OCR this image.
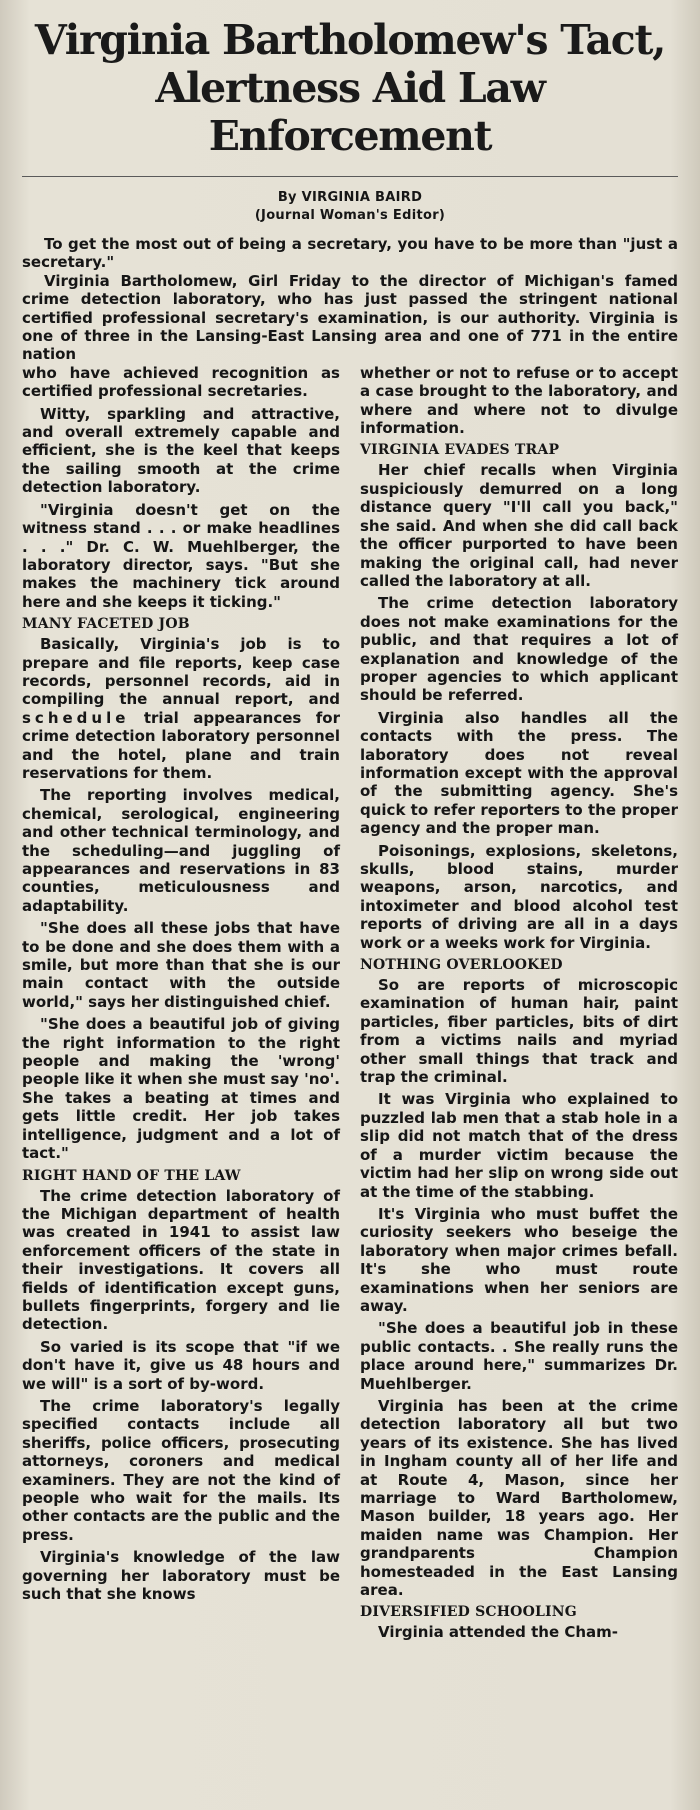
Virginia Bartholomew's Tact,
Alertness Aid Law Enforcement
By VIRGINIA BAIRD
(Journal Woman's Editor)

To get the most out of being a secretary, you have to be more than "just a secretary."

Virginia Bartholomew, Girl Friday to the director of Michigan's famed crime detection laboratory, who has just passed the stringent national certified professional secretary's examination, is our authority. Virginia is one of three in the Lansing-East Lansing area and one of 771 in the entire nation

who have achieved recognition as certified professional secretaries.

Witty, sparkling and attractive, and overall extremely capable and efficient, she is the keel that keeps the sailing smooth at the crime detection laboratory.

"Virginia doesn't get on the witness stand . . . or make headlines . . ." Dr. C. W. Muehlberger, the laboratory director, says. "But she makes the machinery tick around here and she keeps it ticking."

MANY FACETED JOB

Basically, Virginia's job is to prepare and file reports, keep case records, personnel records, aid in compiling the annual report, and schedule trial appearances for crime detection laboratory personnel and the hotel, plane and train reservations for them.

The reporting involves medical, chemical, serological, engineering and other technical terminology, and the scheduling—and juggling of appearances and reservations in 83 counties, meticulousness and adaptability.

"She does all these jobs that have to be done and she does them with a smile, but more than that she is our main contact with the outside world," says her distinguished chief.

"She does a beautiful job of giving the right information to the right people and making the 'wrong' people like it when she must say 'no'. She takes a beating at times and gets little credit. Her job takes intelligence, judgment and a lot of tact."

RIGHT HAND OF THE LAW

The crime detection laboratory of the Michigan department of health was created in 1941 to assist law enforcement officers of the state in their investigations. It covers all fields of identification except guns, bullets fingerprints, forgery and lie detection.

So varied is its scope that "if we don't have it, give us 48 hours and we will" is a sort of by-word.

The crime laboratory's legally specified contacts include all sheriffs, police officers, prosecuting attorneys, coroners and medical examiners. They are not the kind of people who wait for the mails. Its other contacts are the public and the press.

Virginia's knowledge of the law governing her laboratory must be such that she knows

whether or not to refuse or to accept a case brought to the laboratory, and where and where not to divulge information.

VIRGINIA EVADES TRAP

Her chief recalls when Virginia suspiciously demurred on a long distance query "I'll call you back," she said. And when she did call back the officer purported to have been making the original call, had never called the laboratory at all.

The crime detection laboratory does not make examinations for the public, and that requires a lot of explanation and knowledge of the proper agencies to which applicant should be referred.

Virginia also handles all the contacts with the press. The laboratory does not reveal information except with the approval of the submitting agency. She's quick to refer reporters to the proper agency and the proper man.

Poisonings, explosions, skeletons, skulls, blood stains, murder weapons, arson, narcotics, and intoximeter and blood alcohol test reports of driving are all in a days work or a weeks work for Virginia.

NOTHING OVERLOOKED

So are reports of microscopic examination of human hair, paint particles, fiber particles, bits of dirt from a victims nails and myriad other small things that track and trap the criminal.

It was Virginia who explained to puzzled lab men that a stab hole in a slip did not match that of the dress of a murder victim because the victim had her slip on wrong side out at the time of the stabbing.

It's Virginia who must buffet the curiosity seekers who beseige the laboratory when major crimes befall. It's she who must route examinations when her seniors are away.

"She does a beautiful job in these public contacts. . She really runs the place around here," summarizes Dr. Muehlberger.

Virginia has been at the crime detection laboratory all but two years of its existence. She has lived in Ingham county all of her life and at Route 4, Mason, since her marriage to Ward Bartholomew, Mason builder, 18 years ago. Her maiden name was Champion. Her grandparents Champion homesteaded in the East Lansing area.

DIVERSIFIED SCHOOLING

Virginia attended the Cham-
